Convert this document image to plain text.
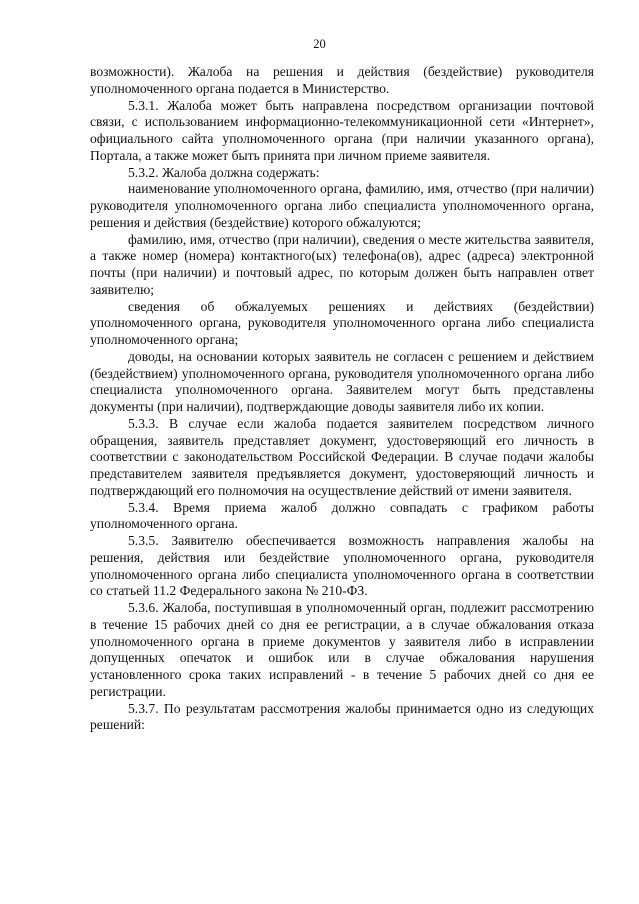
20

возможности). Жалоба на решения и действия (бездействие) руководителя уполномоченного органа подается в Министерство.

5.3.1. Жалоба может быть направлена посредством организации почтовой связи, с использованием информационно-телекоммуникационной сети «Интернет», официального сайта уполномоченного органа (при наличии указанного органа), Портала, а также может быть принята при личном приеме заявителя.

5.3.2. Жалоба должна содержать:

наименование уполномоченного органа, фамилию, имя, отчество (при наличии) руководителя уполномоченного органа либо специалиста уполномоченного органа, решения и действия (бездействие) которого обжалуются;

фамилию, имя, отчество (при наличии), сведения о месте жительства заявителя, а также номер (номера) контактного(ых) телефона(ов), адрес (адреса) электронной почты (при наличии) и почтовый адрес, по которым должен быть направлен ответ заявителю;

сведения об обжалуемых решениях и действиях (бездействии) уполномоченного органа, руководителя уполномоченного органа либо специалиста уполномоченного органа;

доводы, на основании которых заявитель не согласен с решением и действием (бездействием) уполномоченного органа, руководителя уполномоченного органа либо специалиста уполномоченного органа. Заявителем могут быть представлены документы (при наличии), подтверждающие доводы заявителя либо их копии.

5.3.3. В случае если жалоба подается заявителем посредством личного обращения, заявитель представляет документ, удостоверяющий его личность в соответствии с законодательством Российской Федерации. В случае подачи жалобы представителем заявителя предъявляется документ, удостоверяющий личность и подтверждающий его полномочия на осуществление действий от имени заявителя.

5.3.4. Время приема жалоб должно совпадать с графиком работы уполномоченного органа.

5.3.5. Заявителю обеспечивается возможность направления жалобы на решения, действия или бездействие уполномоченного органа, руководителя уполномоченного органа либо специалиста уполномоченного органа в соответствии со статьей 11.2 Федерального закона № 210-ФЗ.

5.3.6. Жалоба, поступившая в уполномоченный орган, подлежит рассмотрению в течение 15 рабочих дней со дня ее регистрации, а в случае обжалования отказа уполномоченного органа в приеме документов у заявителя либо в исправлении допущенных опечаток и ошибок или в случае обжалования нарушения установленного срока таких исправлений - в течение 5 рабочих дней со дня ее регистрации.

5.3.7. По результатам рассмотрения жалобы принимается одно из следующих решений:
